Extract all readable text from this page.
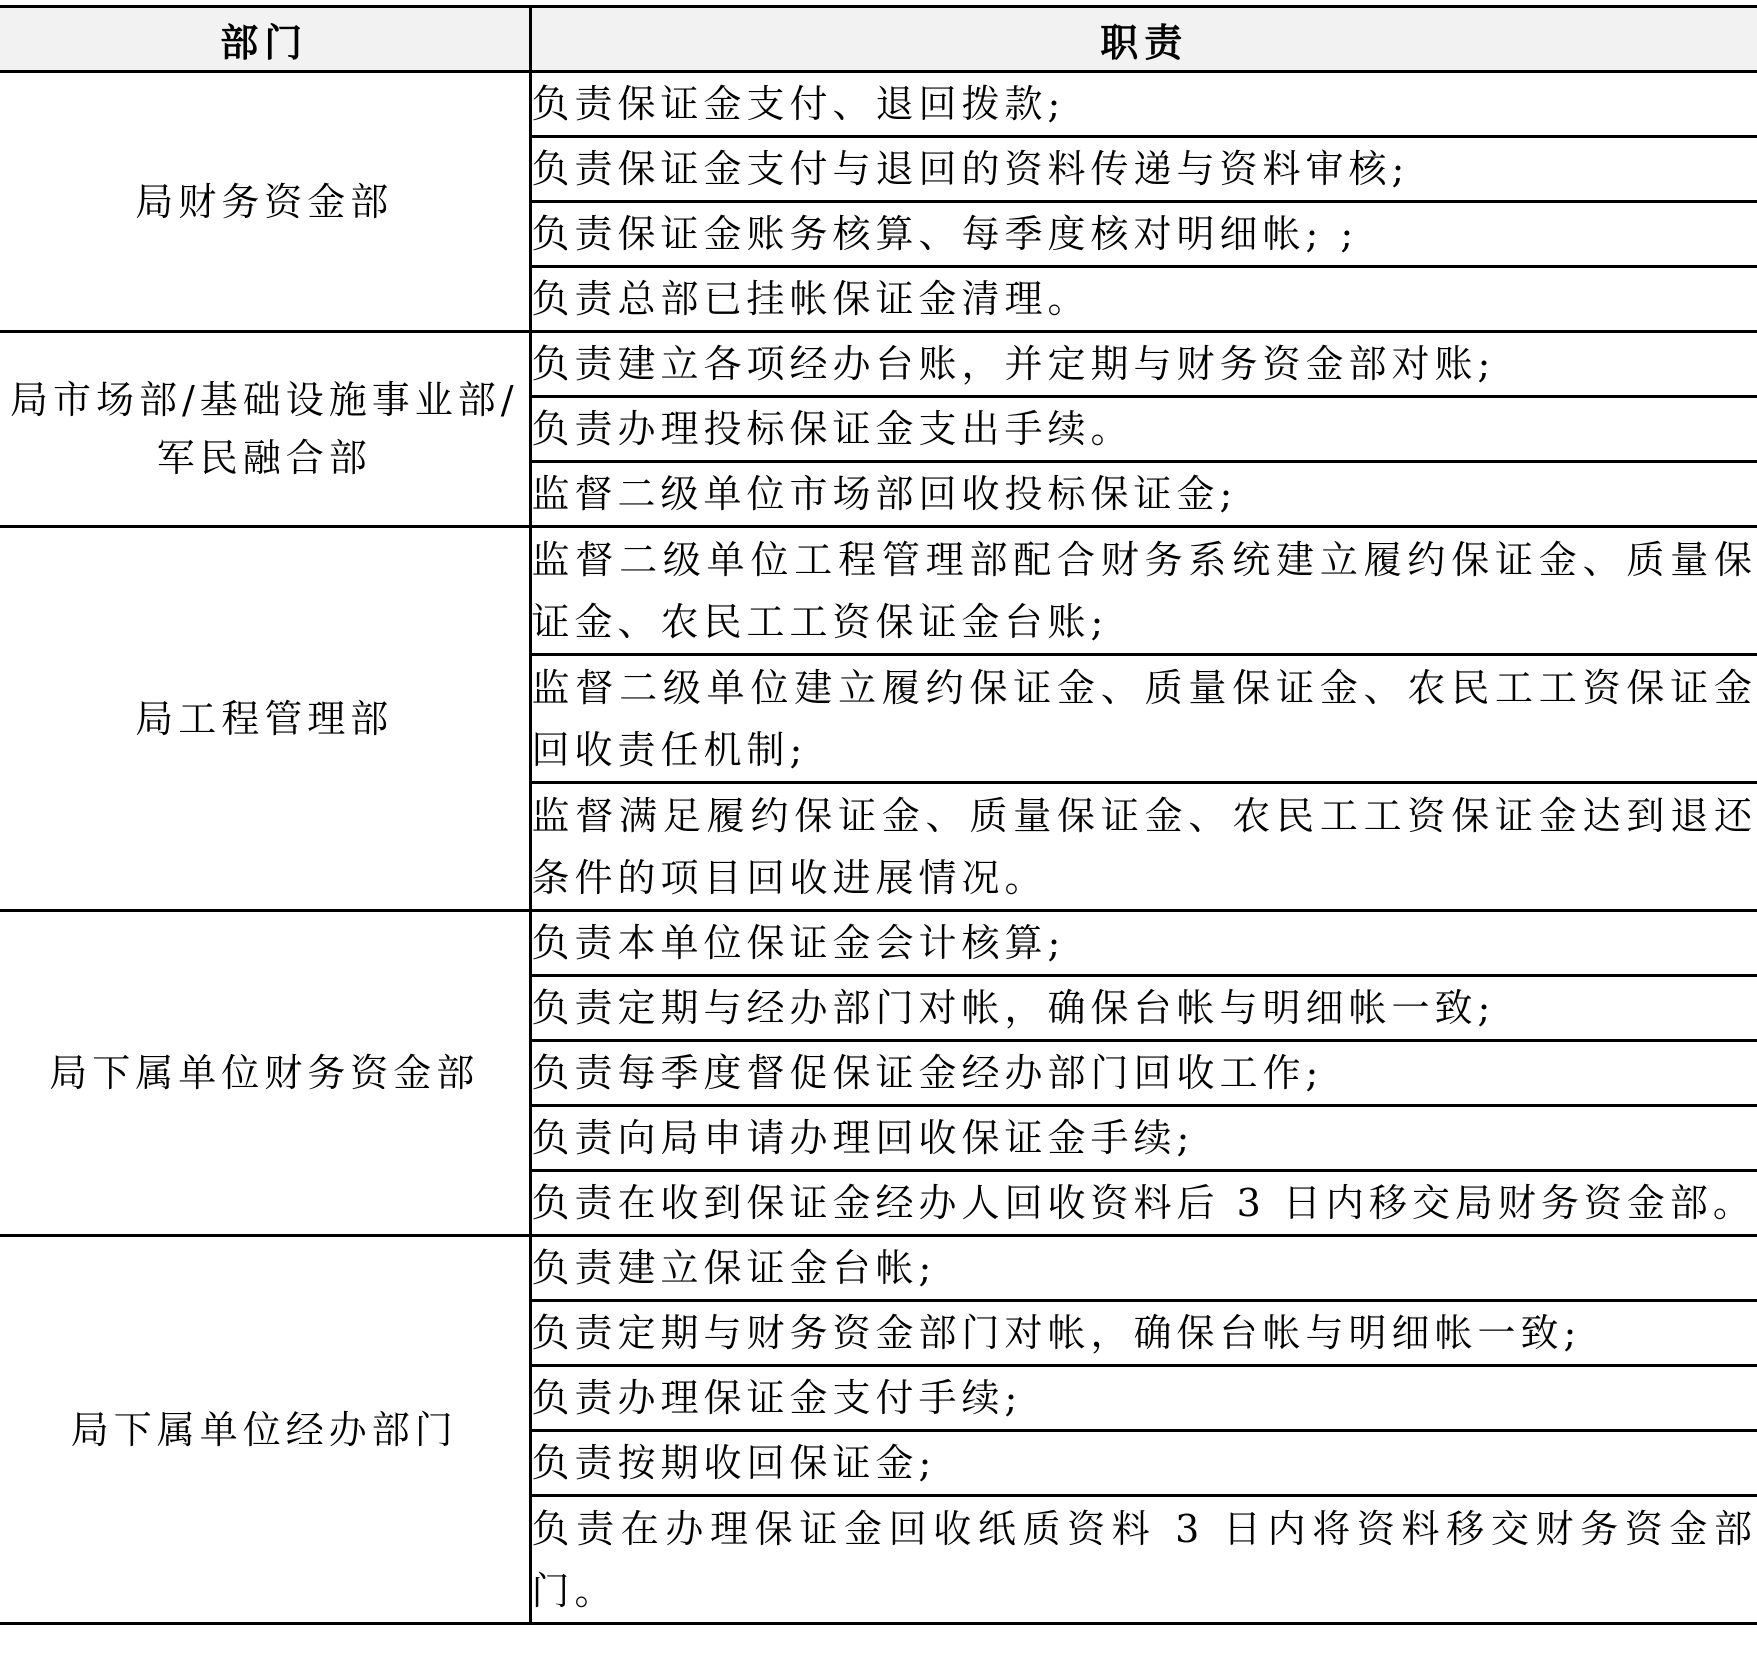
部门	职责
局财务资金部	负责保证金支付、退回拨款;
	负责保证金支付与退回的资料传递与资料审核;
	负责保证金账务核算、每季度核对明细帐; ;
	负责总部已挂帐保证金清理。
局市场部/基础设施事业部/军民融合部	负责建立各项经办台账，并定期与财务资金部对账;
	负责办理投标保证金支出手续。
	监督二级单位市场部回收投标保证金;
局工程管理部	监督二级单位工程管理部配合财务系统建立履约保证金、质量保证金、农民工工资保证金台账;
	监督二级单位建立履约保证金、质量保证金、农民工工资保证金回收责任机制;
	监督满足履约保证金、质量保证金、农民工工资保证金达到退还条件的项目回收进展情况。
局下属单位财务资金部	负责本单位保证金会计核算;
	负责定期与经办部门对帐，确保台帐与明细帐一致;
	负责每季度督促保证金经办部门回收工作;
	负责向局申请办理回收保证金手续;
	负责在收到保证金经办人回收资料后 3 日内移交局财务资金部。
局下属单位经办部门	负责建立保证金台帐;
	负责定期与财务资金部门对帐，确保台帐与明细帐一致;
	负责办理保证金支付手续;
	负责按期收回保证金;
	负责在办理保证金回收纸质资料 3 日内将资料移交财务资金部门。
